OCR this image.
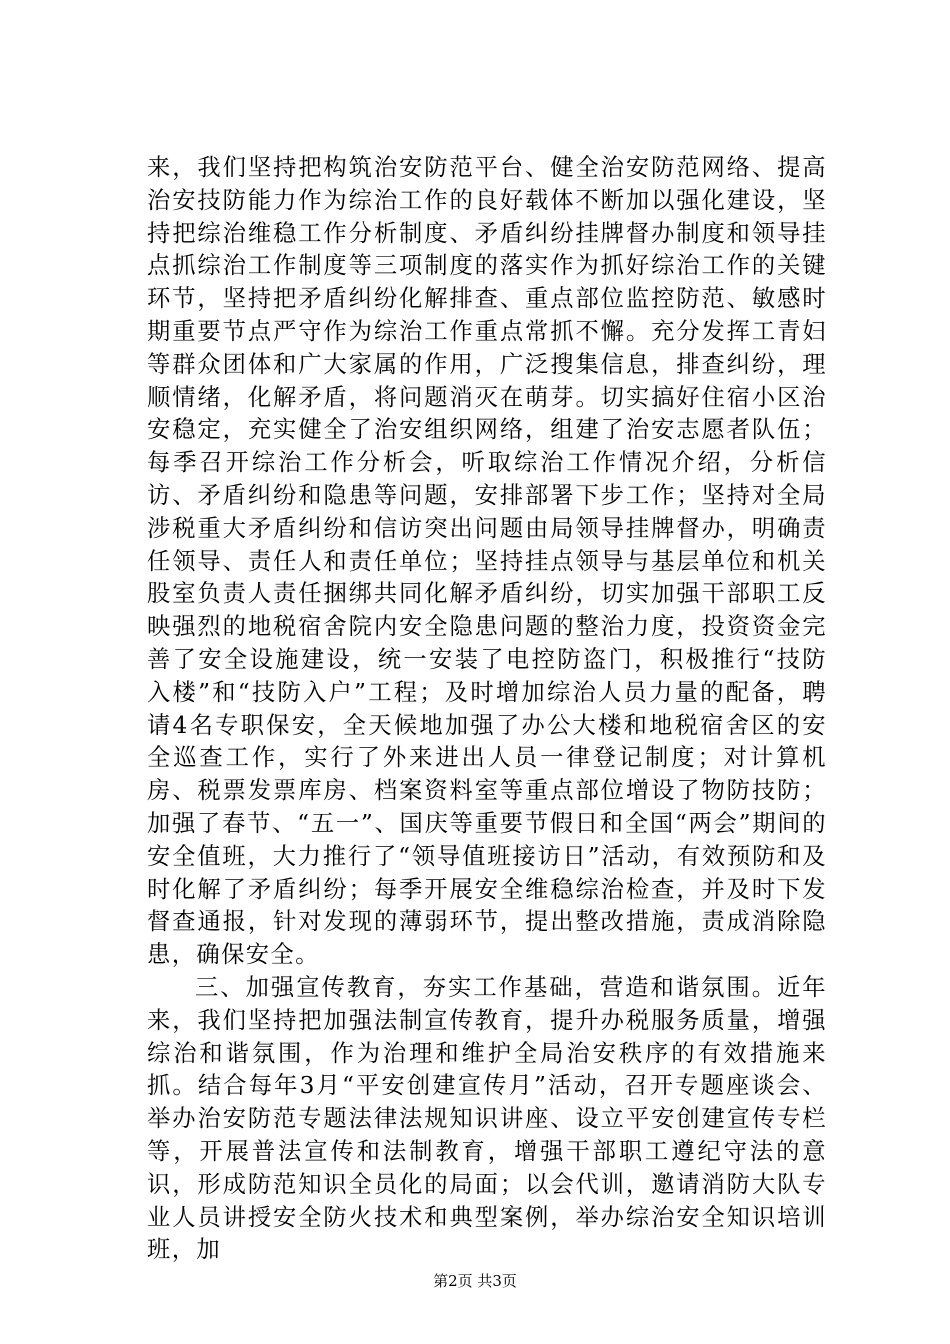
来，我们坚持把构筑治安防范平台、健全治安防范网络、提高治安技防能力作为综治工作的良好载体不断加以强化建设，坚持把综治维稳工作分析制度、矛盾纠纷挂牌督办制度和领导挂点抓综治工作制度等三项制度的落实作为抓好综治工作的关键环节，坚持把矛盾纠纷化解排查、重点部位监控防范、敏感时期重要节点严守作为综治工作重点常抓不懈。充分发挥工青妇等群众团体和广大家属的作用，广泛搜集信息，排查纠纷，理顺情绪，化解矛盾，将问题消灭在萌芽。切实搞好住宿小区治安稳定，充实健全了治安组织网络，组建了治安志愿者队伍；每季召开综治工作分析会，听取综治工作情况介绍，分析信访、矛盾纠纷和隐患等问题，安排部署下步工作；坚持对全局涉税重大矛盾纠纷和信访突出问题由局领导挂牌督办，明确责任领导、责任人和责任单位；坚持挂点领导与基层单位和机关股室负责人责任捆绑共同化解矛盾纠纷，切实加强干部职工反映强烈的地税宿舍院内安全隐患问题的整治力度，投资资金完善了安全设施建设，统一安装了电控防盗门，积极推行“技防入楼”和“技防入户”工程；及时增加综治人员力量的配备，聘请4名专职保安，全天候地加强了办公大楼和地税宿舍区的安全巡查工作，实行了外来进出人员一律登记制度；对计算机房、税票发票库房、档案资料室等重点部位增设了物防技防；加强了春节、“五一”、国庆等重要节假日和全国“两会”期间的安全值班，大力推行了“领导值班接访日”活动，有效预防和及时化解了矛盾纠纷；每季开展安全维稳综治检查，并及时下发督查通报，针对发现的薄弱环节，提出整改措施，责成消除隐患，确保安全。

三、加强宣传教育，夯实工作基础，营造和谐氛围。近年来，我们坚持把加强法制宣传教育，提升办税服务质量，增强综治和谐氛围，作为治理和维护全局治安秩序的有效措施来抓。结合每年3月“平安创建宣传月”活动，召开专题座谈会、举办治安防范专题法律法规知识讲座、设立平安创建宣传专栏等，开展普法宣传和法制教育，增强干部职工遵纪守法的意识，形成防范知识全员化的局面；以会代训，邀请消防大队专业人员讲授安全防火技术和典型案例，举办综治安全知识培训班，加

第2页 共3页
